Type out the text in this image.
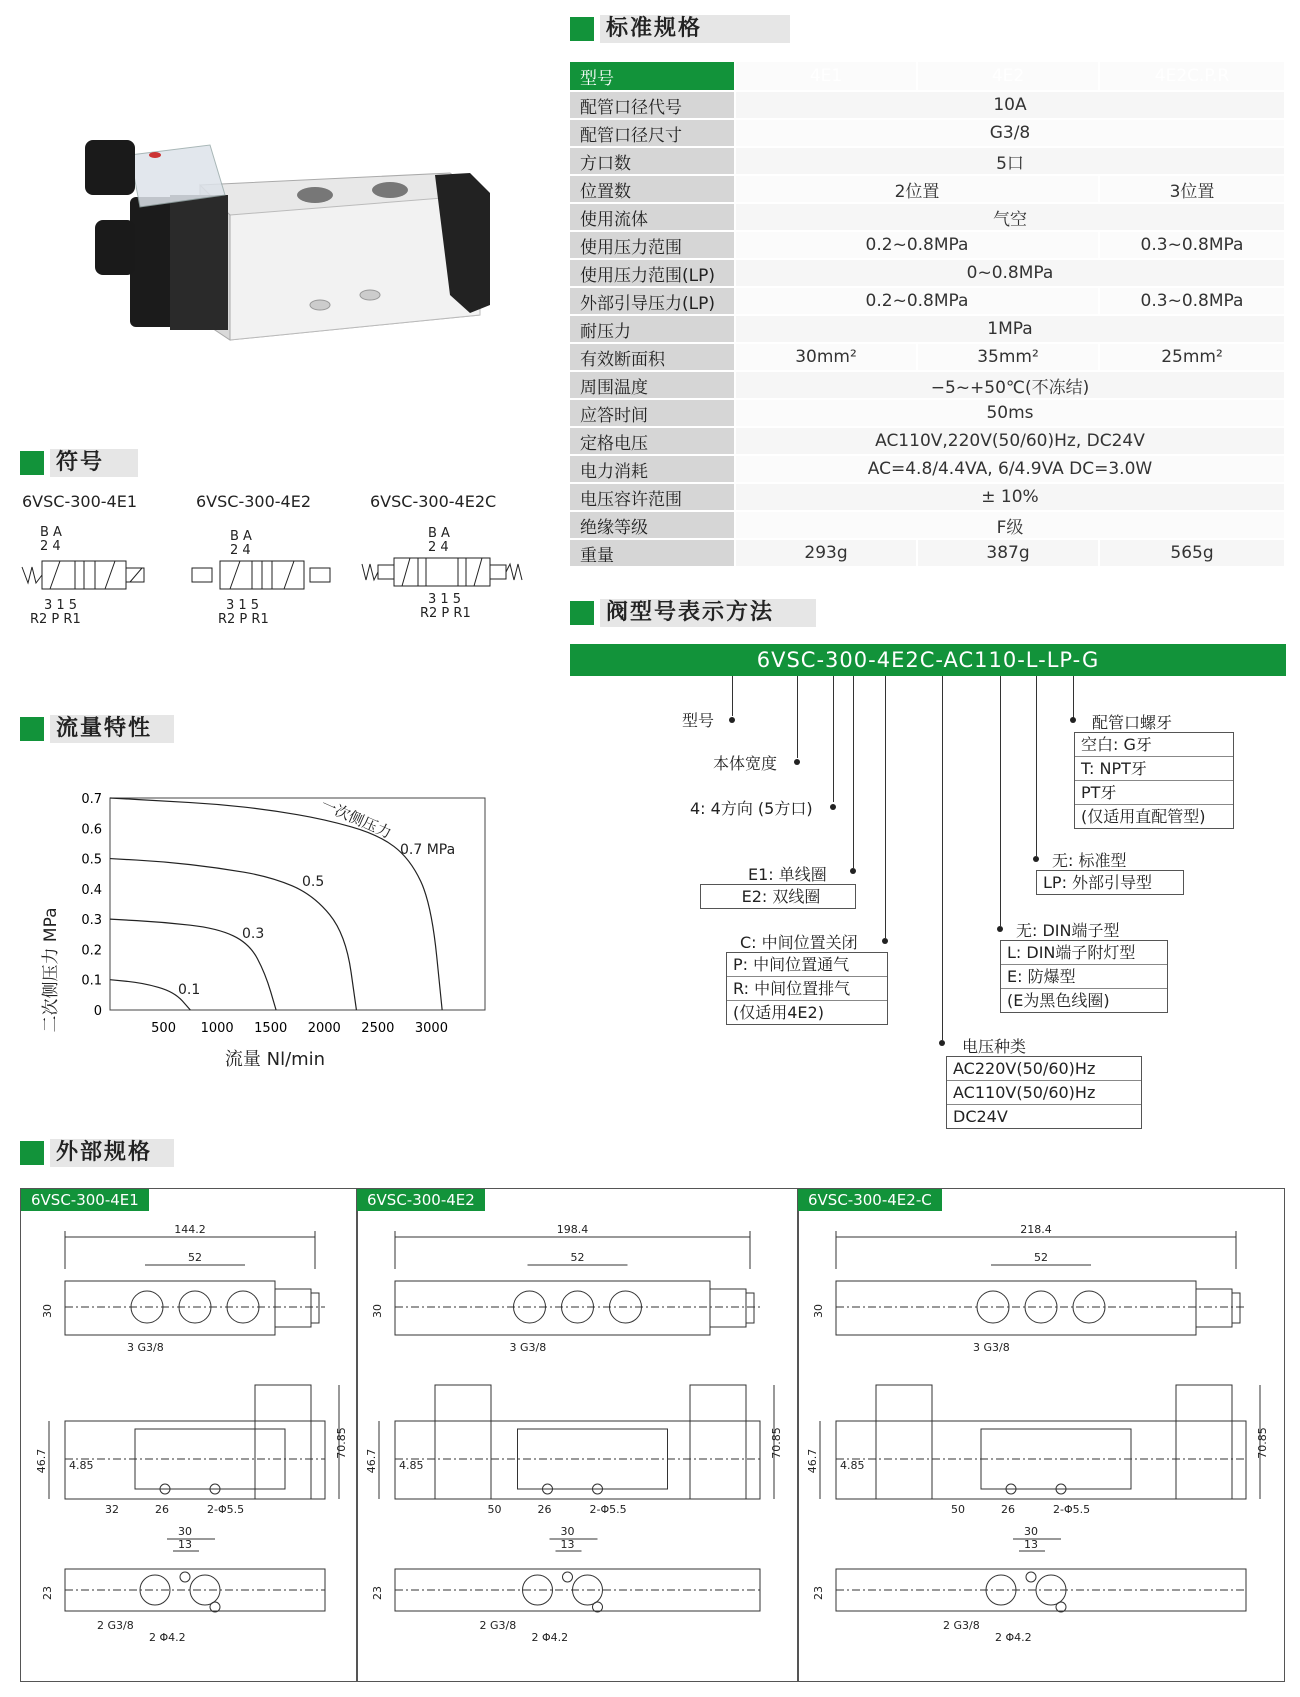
标准规格
型号	4E1	4E2	4E2C.P.R
配管口径代号	10A		
配管口径尺寸	G3/8		
方口数	5口		
位置数	2位置		3位置
使用流体	气空		
使用压力范围	0.2~0.8MPa		0.3~0.8MPa
使用压力范围(LP)	0~0.8MPa		
外部引导压力(LP)	0.2~0.8MPa		0.3~0.8MPa
耐压力	1MPa		
有效断面积	30mm²	35mm²	25mm²
周围温度	−5~+50℃(不冻结)		
应答时间	50ms		
定格电压	AC110V,220V(50/60)Hz, DC24V		
电力消耗	AC=4.8/4.4VA, 6/4.9VA DC=3.0W		
电压容许范围	± 10%		
绝缘等级	F级		
重量	293g	387g	565g
符号
6VSC-300-4E1	6VSC-300-4E2	6VSC-300-4E2C
B A
2 4
3 1 5
R2 P R1
B A
2 4
3 1 5
R2 P R1
B A
2 4
3 1 5
R2 P R1
流量特性
0
0.1
0.2
0.3
0.4
0.5
0.6
0.7
500 1000 1500 2000 2500 3000
二次侧压力 MPa
流量 Nl/min
一次侧压力
0.7 MPa
0.5
0.3
0.1
阀型号表示方法
6VSC-300-4E2C-AC110-L-LP-G
型号
本体宽度
4: 4方向 (5方口)
E1: 单线圈
E2: 双线圈
C: 中间位置关闭
P: 中间位置通气
R: 中间位置排气
(仅适用4E2)
配管口螺牙
空白: G牙
T: NPT牙
PT牙
(仅适用直配管型)
无: 标准型
LP: 外部引导型
无: DIN端子型
L: DIN端子附灯型
E: 防爆型
(E为黑色线圈)
电压种类
AC220V(50/60)Hz
AC110V(50/60)Hz
DC24V
外部规格
6VSC-300-4E1
144.2
52
30
3 G3/8
46.7 4.85
70.85
32	26	2-Φ5.5
30
13
23
2 G3/8
2 Φ4.2
6VSC-300-4E2
198.4
52
30
3 G3/8
46.7 4.85
70.85
50	26	2-Φ5.5
30
13
23
2 G3/8
2 Φ4.2
6VSC-300-4E2-C
218.4
52
30
3 G3/8
46.7 4.85
70.85
50	26	2-Φ5.5
30
13
23
2 G3/8
2 Φ4.2
